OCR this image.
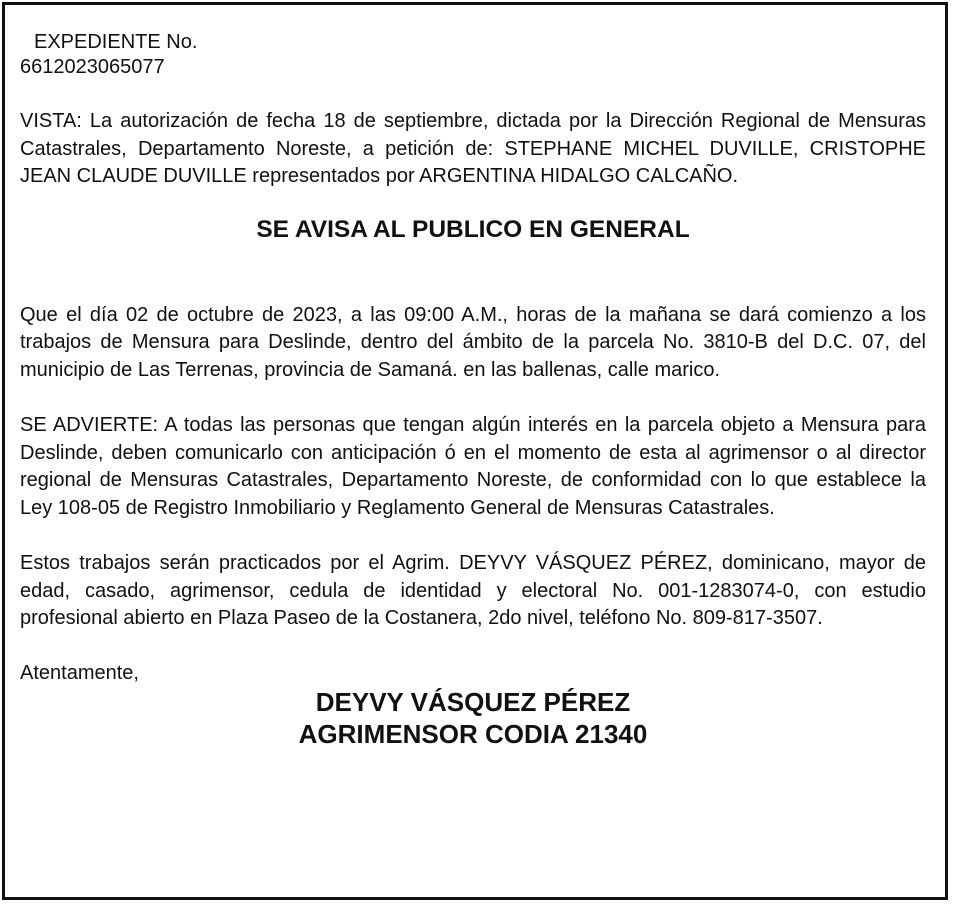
EXPEDIENTE No.

6612023065077

VISTA: La autorización de fecha 18 de septiembre, dictada por la Dirección Regional de Mensuras Catastrales, Departamento Noreste, a petición de: STEPHANE MICHEL DUVILLE, CRISTOPHE JEAN CLAUDE DUVILLE representados por ARGENTINA HIDALGO CALCAÑO.

SE AVISA AL PUBLICO EN GENERAL

Que el día 02 de octubre de 2023, a las 09:00 A.M., horas de la mañana se dará comienzo a los trabajos de Mensura para Deslinde, dentro del ámbito de la parcela No. 3810-B del D.C. 07, del municipio de Las Terrenas, provincia de Samaná. en las ballenas, calle marico.

SE ADVIERTE: A todas las personas que tengan algún interés en la parcela objeto a Mensura para Deslinde, deben comunicarlo con anticipación ó en el momento de esta al agrimensor o al director regional de Mensuras Catastrales, Departamento Noreste, de conformidad con lo que establece la Ley 108-05 de Registro Inmobiliario y Reglamento General de Mensuras Catastrales.

Estos trabajos serán practicados por el Agrim. DEYVY VÁSQUEZ PÉREZ, dominicano, mayor de edad, casado, agrimensor, cedula de identidad y electoral No. 001-1283074-0, con estudio profesional abierto en Plaza Paseo de la Costanera, 2do nivel, teléfono No. 809-817-3507.

Atentamente,

DEYVY VÁSQUEZ PÉREZ

AGRIMENSOR CODIA 21340
